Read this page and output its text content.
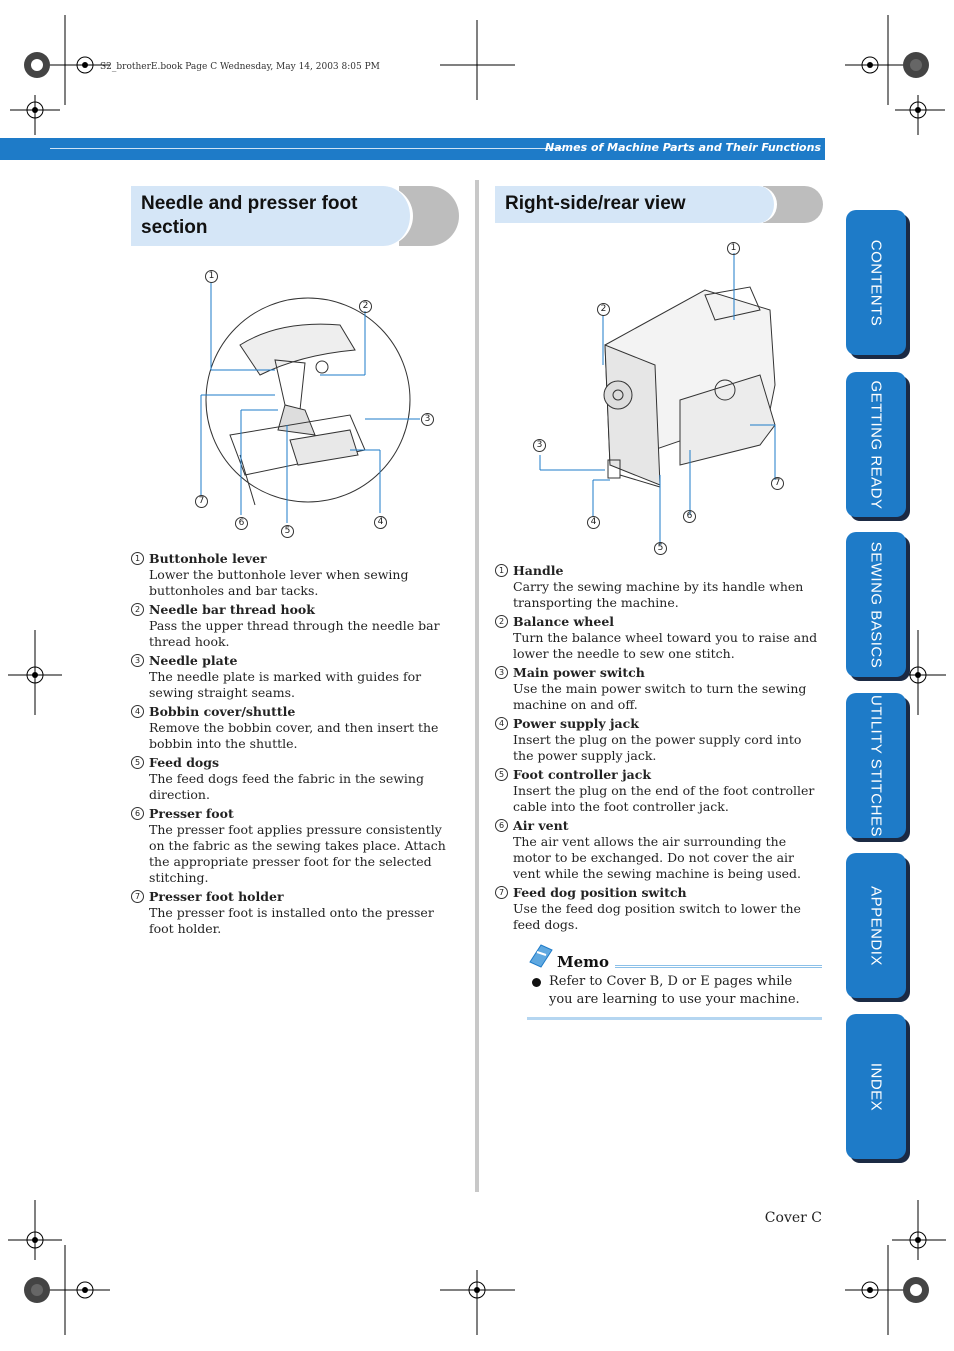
S2_brotherE.book Page C Wednesday, May 14, 2003 8:05 PM
Names of Machine Parts and Their Functions
Needle and presser foot section
1
2
3
4
5
6
7
1 Buttonhole lever
Lower the buttonhole lever when sewing buttonholes and bar tacks.
2 Needle bar thread hook
Pass the upper thread through the needle bar thread hook.
3 Needle plate
The needle plate is marked with guides for sewing straight seams.
4 Bobbin cover/shuttle
Remove the bobbin cover, and then insert the bobbin into the shuttle.
5 Feed dogs
The feed dogs feed the fabric in the sewing direction.
6 Presser foot
The presser foot applies pressure consistently on the fabric as the sewing takes place. Attach the appropriate presser foot for the selected stitching.
7 Presser foot holder
The presser foot is installed onto the presser foot holder.
Right-side/rear view
1
2
3
4
5
6
7
1 Handle
Carry the sewing machine by its handle when transporting the machine.
2 Balance wheel
Turn the balance wheel toward you to raise and lower the needle to sew one stitch.
3 Main power switch
Use the main power switch to turn the sewing machine on and off.
4 Power supply jack
Insert the plug on the power supply cord into the power supply jack.
5 Foot controller jack
Insert the plug on the end of the foot controller cable into the foot controller jack.
6 Air vent
The air vent allows the air surrounding the motor to be exchanged. Do not cover the air vent while the sewing machine is being used.
7 Feed dog position switch
Use the feed dog position switch to lower the feed dogs.
Memo
Refer to Cover B, D or E pages while you are learning to use your machine.
CONTENTS
GETTING READY
SEWING BASICS
UTILITY STITCHES
APPENDIX
INDEX
Cover C
